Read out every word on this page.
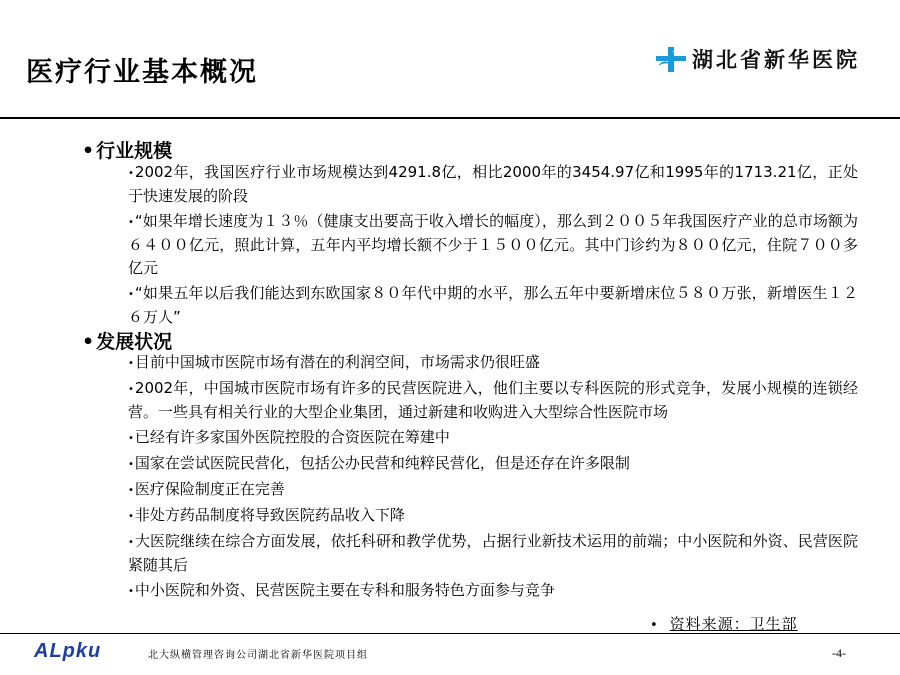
医疗行业基本概况	湖北省新华医院
• 行业规模
•2002年，我国医疗行业市场规模达到4291.8亿，相比2000年的3454.97亿和1995年的1713.21亿，正处于快速发展的阶段
•“如果年增长速度为１３％（健康支出要高于收入增长的幅度），那么到２００５年我国医疗产业的总市场额为６４００亿元，照此计算，五年内平均增长额不少于１５００亿元。其中门诊约为８００亿元，住院７００多亿元
•“如果五年以后我们能达到东欧国家８０年代中期的水平，那么五年中要新增床位５８０万张，新增医生１２６万人”
• 发展状况
•目前中国城市医院市场有潜在的利润空间，市场需求仍很旺盛
•2002年，中国城市医院市场有许多的民营医院进入，他们主要以专科医院的形式竞争，发展小规模的连锁经营。一些具有相关行业的大型企业集团，通过新建和收购进入大型综合性医院市场
•已经有许多家国外医院控股的合资医院在筹建中
•国家在尝试医院民营化，包括公办民营和纯粹民营化，但是还存在许多限制
•医疗保险制度正在完善
•非处方药品制度将导致医院药品收入下降
•大医院继续在综合方面发展，依托科研和教学优势，占据行业新技术运用的前端；中小医院和外资、民营医院紧随其后
•中小医院和外资、民营医院主要在专科和服务特色方面参与竞争
• 资料来源：卫生部
ALpku	北大纵横管理咨询公司湖北省新华医院项目组	-4-
